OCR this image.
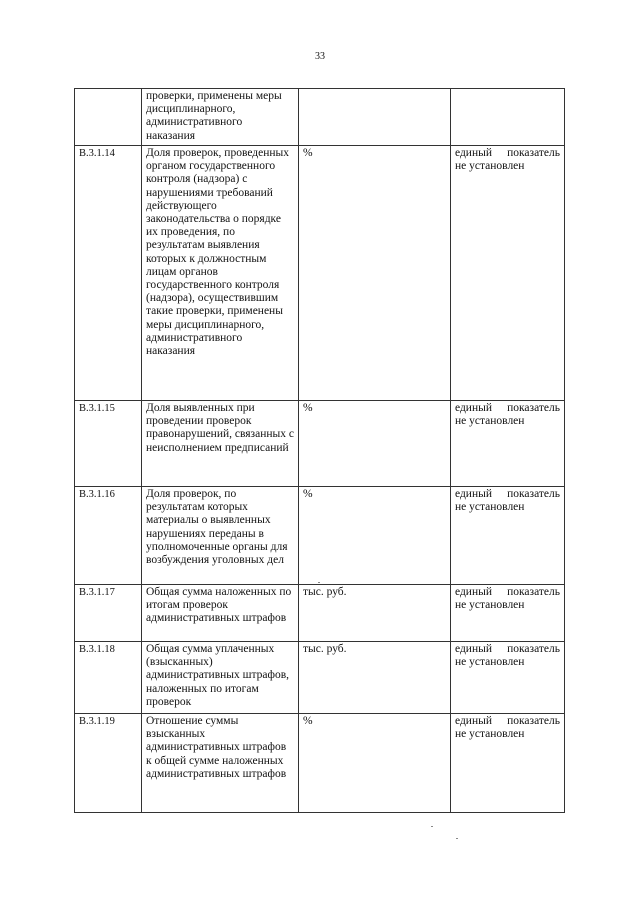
33
	проверки, применены меры дисциплинарного, административного наказания		
В.3.1.14	Доля проверок, проведенных органом государственного контроля (надзора) с нарушениями требований действующего законодательства о порядке их проведения, по результатам выявления которых к должностным лицам органов государственного контроля (надзора), осуществившим такие проверки, применены меры дисциплинарного, административного наказания	%	единый показатель не установлен
В.3.1.15	Доля выявленных при проведении проверок правонарушений, связанных с неисполнением предписаний	%	единый показатель не установлен
В.3.1.16	Доля проверок, по результатам которых материалы о выявленных нарушениях переданы в уполномоченные органы для возбуждения уголовных дел	%	единый показатель не установлен
В.3.1.17	Общая сумма наложенных по итогам проверок административных штрафов	тыс. руб.	единый показатель не установлен
В.3.1.18	Общая сумма уплаченных (взысканных) административных штрафов, наложенных по итогам проверок	тыс. руб.	единый показатель не установлен
В.3.1.19	Отношение суммы взысканных административных штрафов к общей сумме наложенных административных штрафов	%	единый показатель не установлен
